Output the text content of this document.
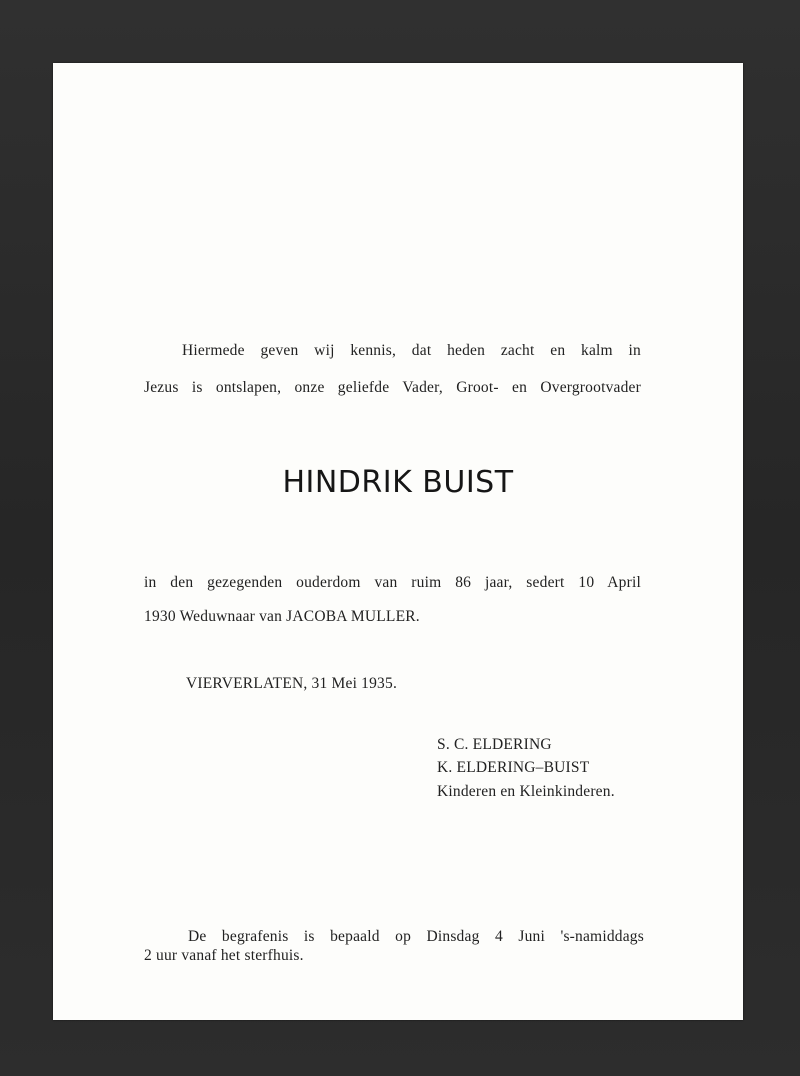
Hiermede geven wij kennis, dat heden zacht en kalm in
Jezus is ontslapen, onze geliefde Vader, Groot- en Overgrootvader
HINDRIK BUIST
in den gezegenden ouderdom van ruim 86 jaar, sedert 10 April
1930 Weduwnaar van JACOBA MULLER.
VIERVERLATEN, 31 Mei 1935.
S. C. ELDERING
K. ELDERING–BUIST
Kinderen en Kleinkinderen.
De begrafenis is bepaald op Dinsdag 4 Juni 's-namiddags
2 uur vanaf het sterfhuis.
